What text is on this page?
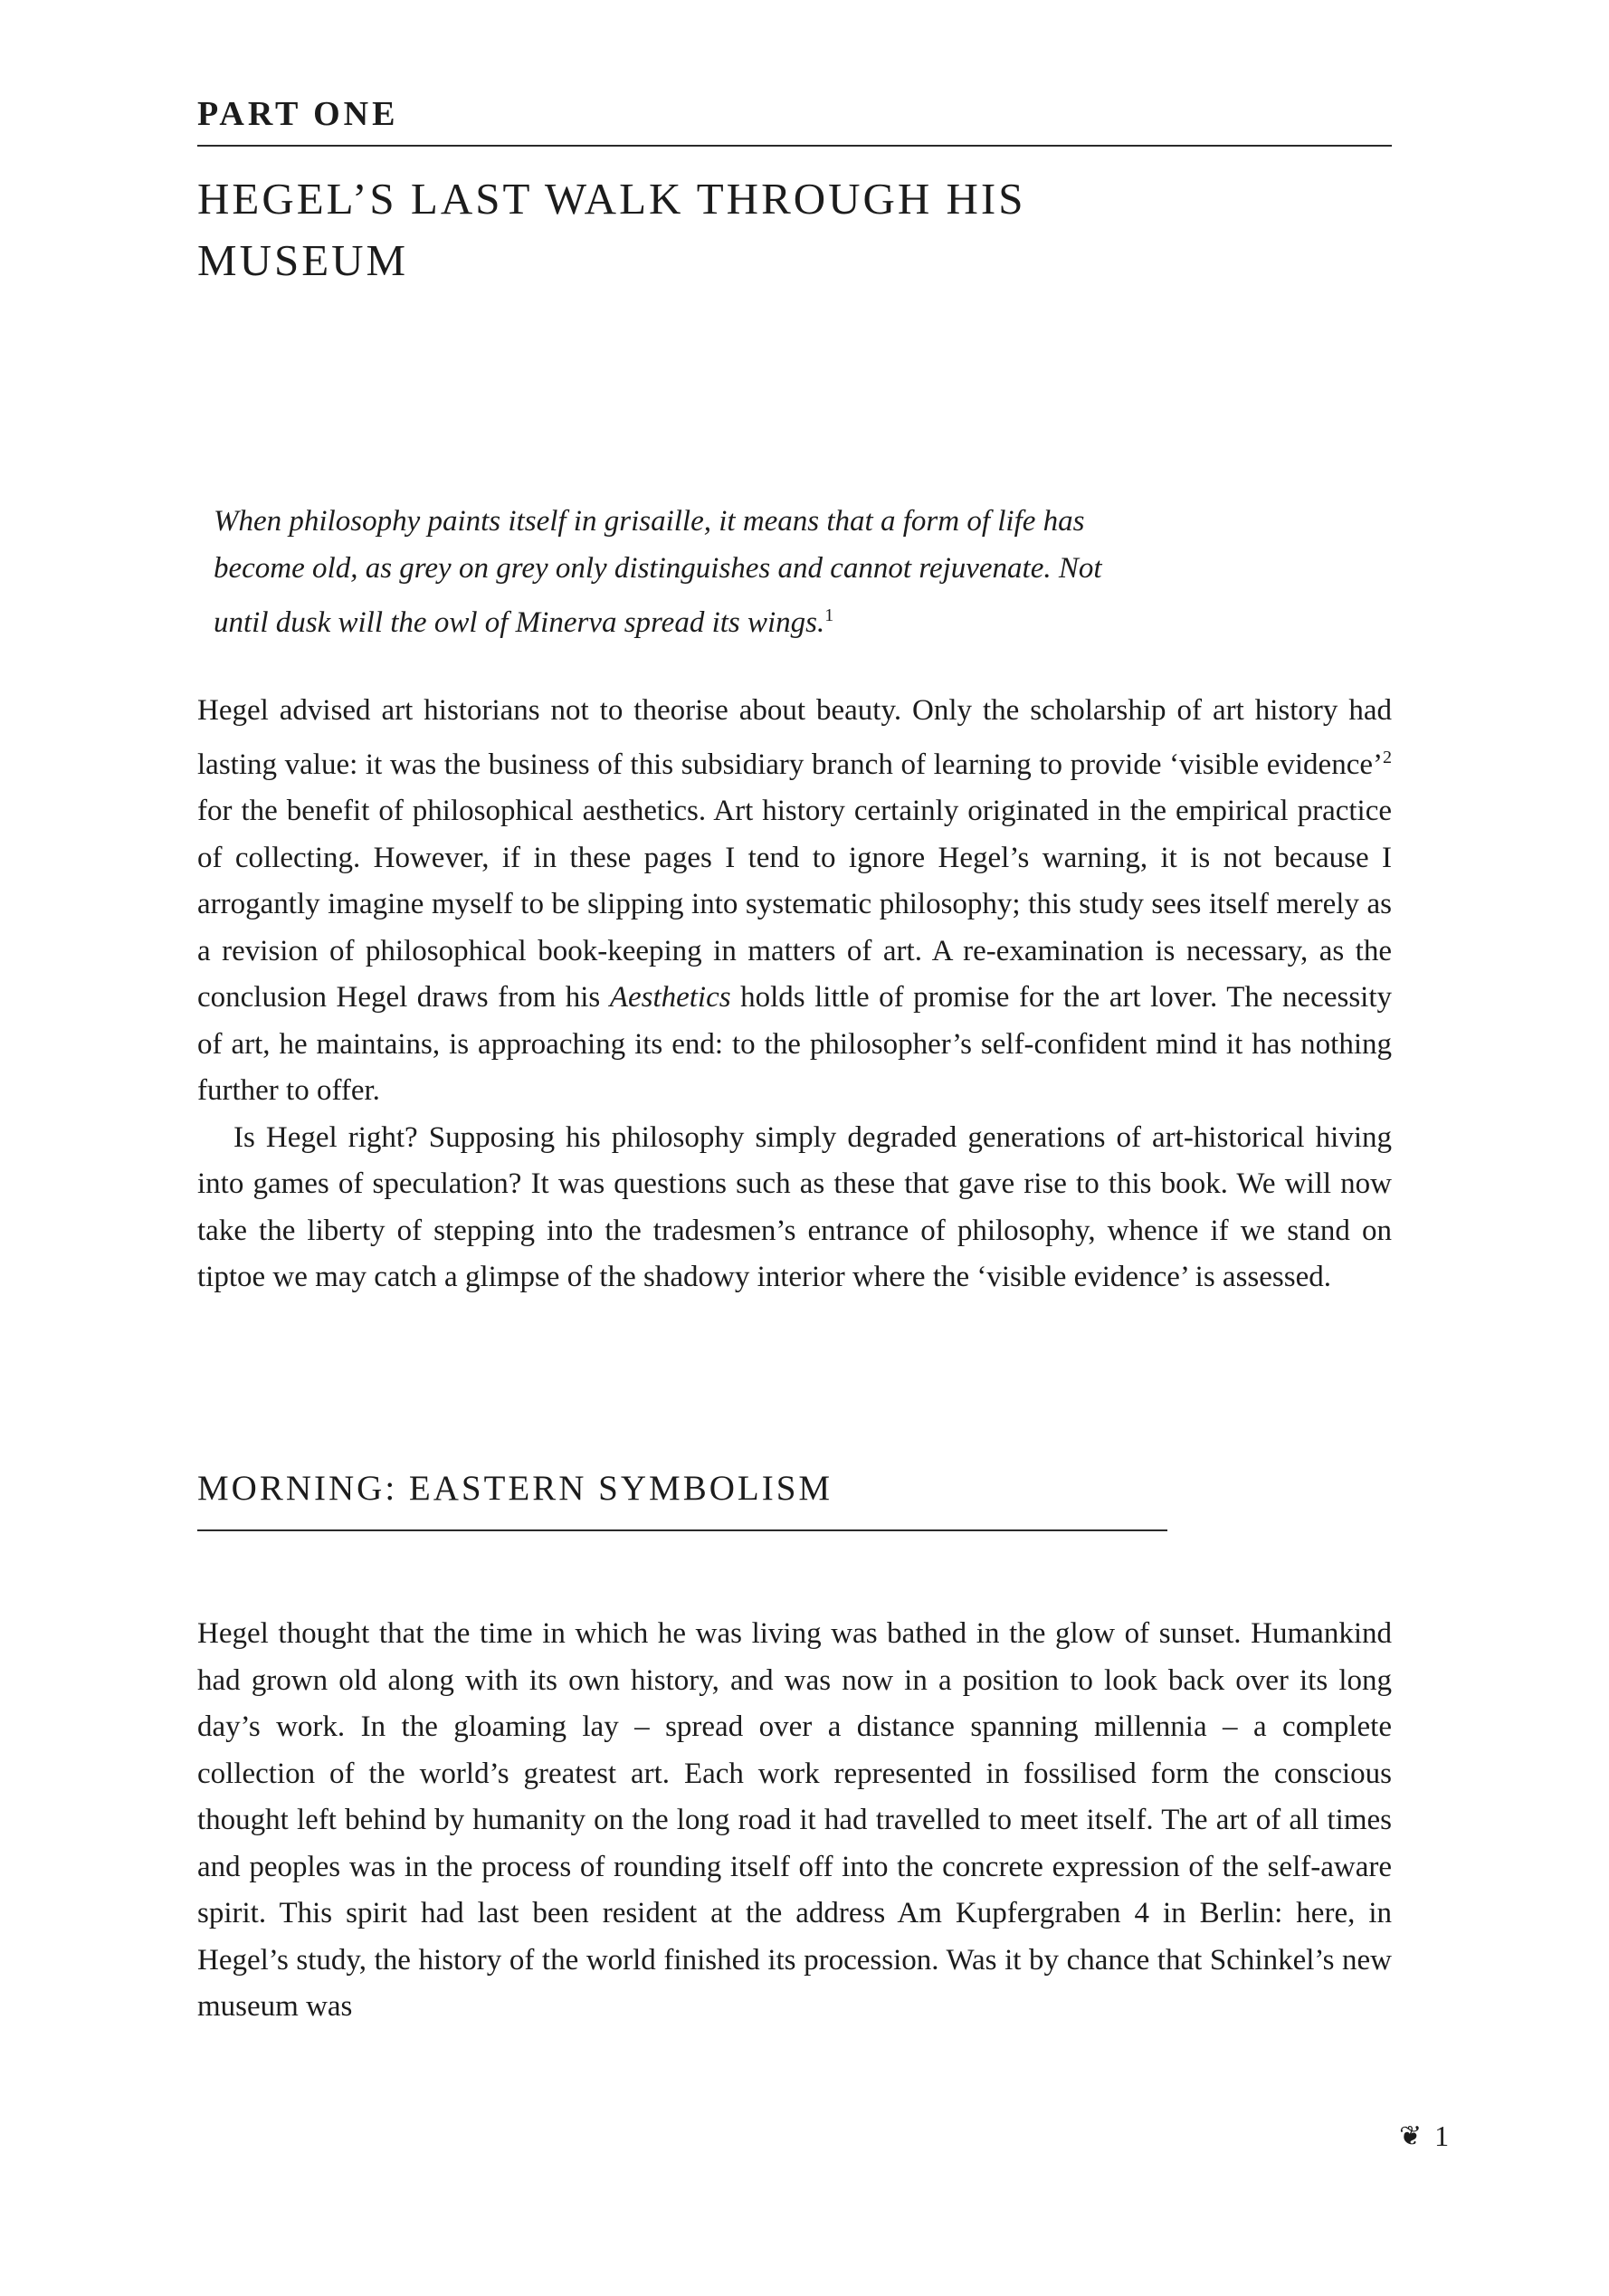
PART ONE
HEGEL’S LAST WALK THROUGH HIS MUSEUM

When philosophy paints itself in grisaille, it means that a form of life has become old, as grey on grey only distinguishes and cannot rejuvenate. Not until dusk will the owl of Minerva spread its wings.$^1$

Hegel advised art historians not to theorise about beauty. Only the scholarship of art history had lasting value: it was the business of this subsidiary branch of learning to provide ‘visible evidence’$^2$ for the benefit of philosophical aesthetics. Art history certainly originated in the empirical practice of collecting. However, if in these pages I tend to ignore Hegel’s warning, it is not because I arrogantly imagine myself to be slipping into systematic philosophy; this study sees itself merely as a revision of philosophical book-keeping in matters of art. A re-examination is necessary, as the conclusion Hegel draws from his Aesthetics holds little of promise for the art lover. The necessity of art, he maintains, is approaching its end: to the philosopher’s self-confident mind it has nothing further to offer.

Is Hegel right? Supposing his philosophy simply degraded generations of art-historical hiving into games of speculation? It was questions such as these that gave rise to this book. We will now take the liberty of stepping into the tradesmen’s entrance of philosophy, whence if we stand on tiptoe we may catch a glimpse of the shadowy interior where the ‘visible evidence’ is assessed.

MORNING: EASTERN SYMBOLISM

Hegel thought that the time in which he was living was bathed in the glow of sunset. Humankind had grown old along with its own history, and was now in a position to look back over its long day’s work. In the gloaming lay – spread over a distance spanning millennia – a complete collection of the world’s greatest art. Each work represented in fossilised form the conscious thought left behind by humanity on the long road it had travelled to meet itself. The art of all times and peoples was in the process of rounding itself off into the concrete expression of the self-aware spirit. This spirit had last been resident at the address Am Kupfergraben 4 in Berlin: here, in Hegel’s study, the history of the world finished its procession. Was it by chance that Schinkel’s new museum was

❦ 1
